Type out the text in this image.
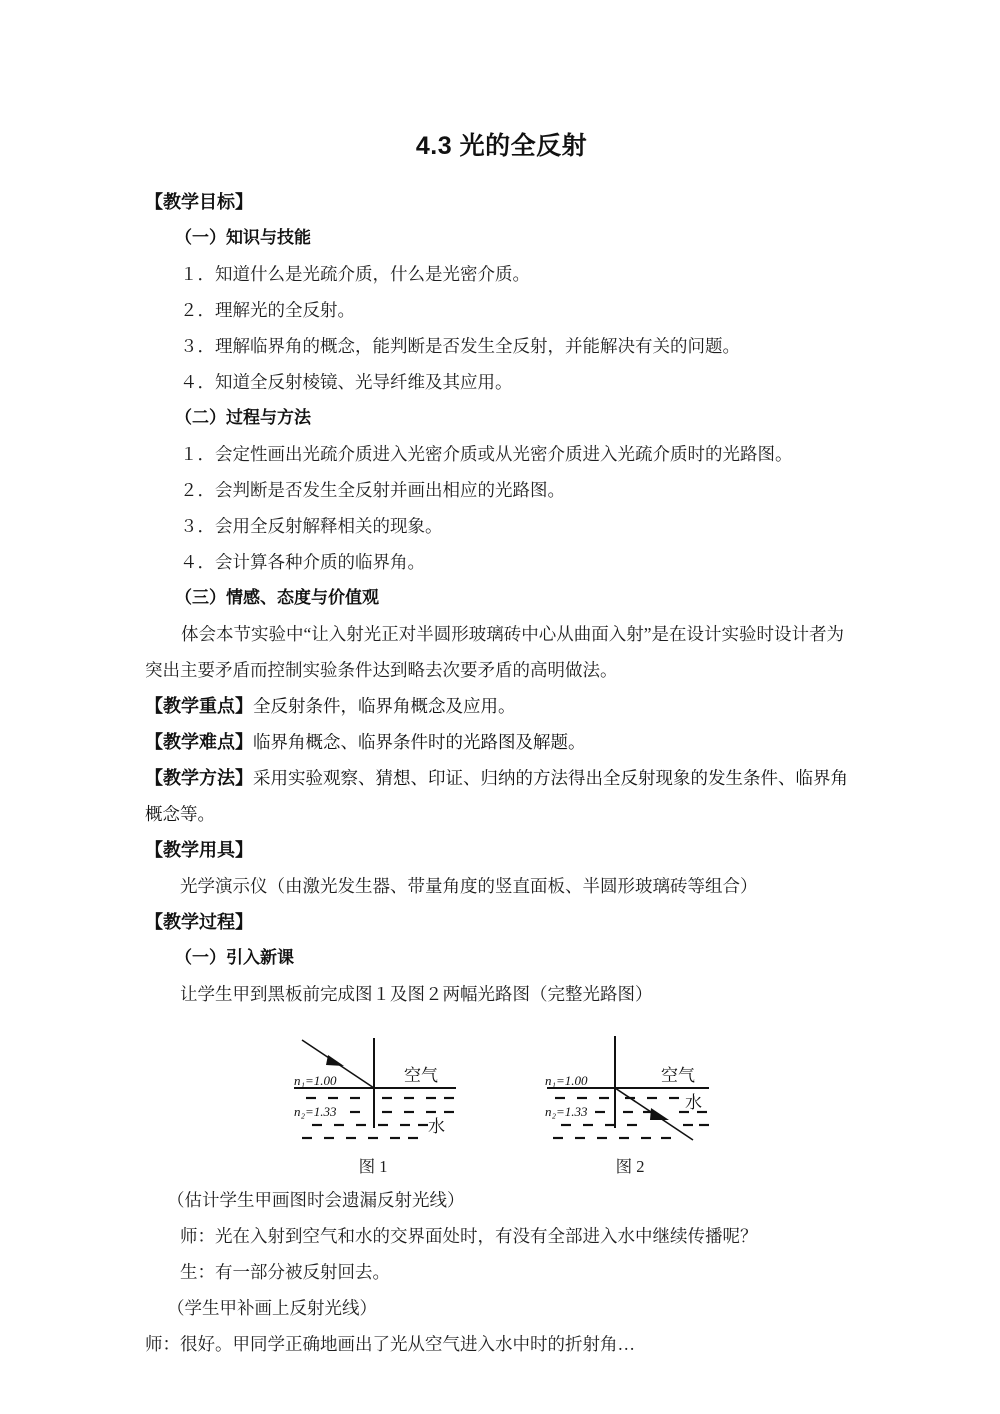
4.3 光的全反射
【教学目标】
（一）知识与技能
１．知道什么是光疏介质，什么是光密介质。
２．理解光的全反射。
３．理解临界角的概念，能判断是否发生全反射，并能解决有关的问题。
４．知道全反射棱镜、光导纤维及其应用。
（二）过程与方法
１．会定性画出光疏介质进入光密介质或从光密介质进入光疏介质时的光路图。
２．会判断是否发生全反射并画出相应的光路图。
３．会用全反射解释相关的现象。
４．会计算各种介质的临界角。
（三）情感、态度与价值观
体会本节实验中“让入射光正对半圆形玻璃砖中心从曲面入射”是在设计实验时设计者为突出主要矛盾而控制实验条件达到略去次要矛盾的高明做法。
【教学重点】全反射条件，临界角概念及应用。
【教学难点】临界角概念、临界条件时的光路图及解题。
【教学方法】采用实验观察、猜想、印证、归纳的方法得出全反射现象的发生条件、临界角概念等。
【教学用具】
光学演示仪（由激光发生器、带量角度的竖直面板、半圆形玻璃砖等组合）
【教学过程】
（一）引入新课
让学生甲到黑板前完成图１及图２两幅光路图（完整光路图）
n₁=1.00
n₂=1.33
空气
水
n₁=1.00
n₂=1.33
空气
水
图 1	图 2
（估计学生甲画图时会遗漏反射光线）
师：光在入射到空气和水的交界面处时，有没有全部进入水中继续传播呢？
生：有一部分被反射回去。
（学生甲补画上反射光线）
师：很好。甲同学正确地画出了光从空气进入水中时的折射角…
